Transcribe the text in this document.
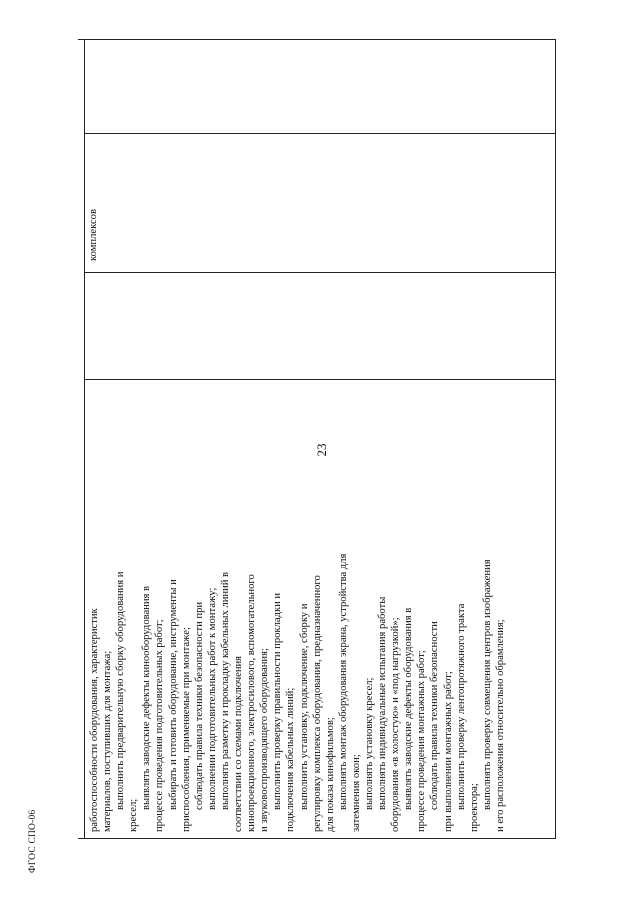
23

работоспособности оборудования, характеристик материалов, поступивших для монтажа; выполнить предварительную сборку оборудования и

кресел;

выявлять заводские дефекты кинооборудования в процессе проведения подготовительных работ; выбирать и готовить оборудование, инструменты и приспособления, применяемые при монтаже; соблюдать правила техники безопасности при выполнении подготовительных работ к монтажу; выполнять разметку и прокладку кабельных линий в соответствии со схемами подключения кинопроекционного, электросилового, вспомогательного и звуковоспроизводящего оборудования; выполнить проверку правильности прокладки и подключения кабельных линий; выполнить установку, подключение, сборку и регулировку комплекса оборудования, предназначенного для показа кинофильмов; выполнять монтаж оборудования экрана, устройства для затемнения окон; выполнять установку кресел; выполнять индивидуальные испытания работы оборудования «в холостую» и «под нагрузкой»; выявлять заводские дефекты оборудования в процессе проведения монтажных работ; соблюдать правила техники безопасности при выполнении монтажных работ; выполнить проверку лентопротяжного тракта проектора; выполнять проверку совмещения центров изображения и его расположения относительно обрамления;

комплексов
ФГОС СПО-06
